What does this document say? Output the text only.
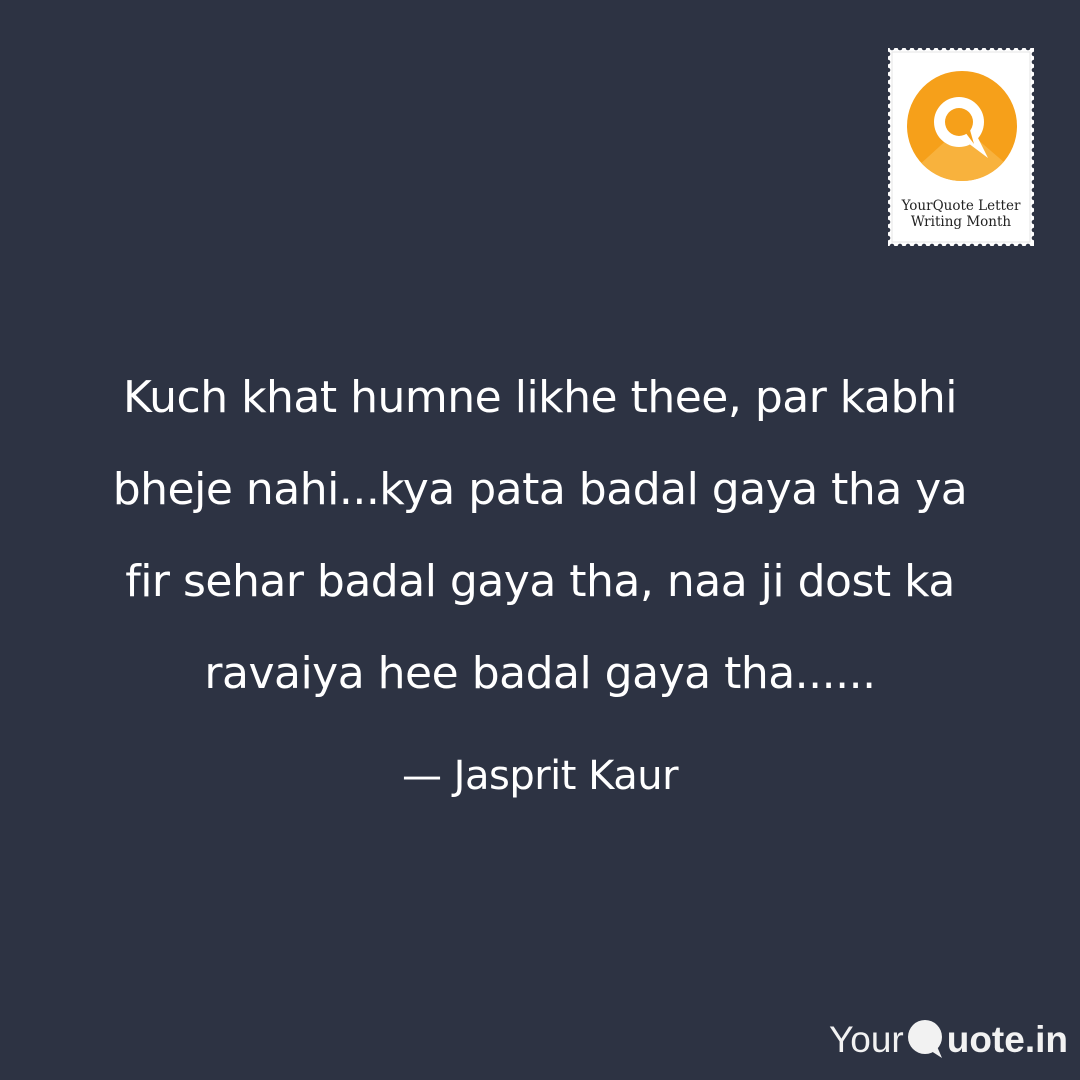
YourQuote Letter
Writing Month

Kuch khat humne likhe thee, par kabhi
bheje nahi...kya pata badal gaya tha ya
fir sehar badal gaya tha, naa ji dost ka
ravaiya hee badal gaya tha......

— Jasprit Kaur
Your uote.in
